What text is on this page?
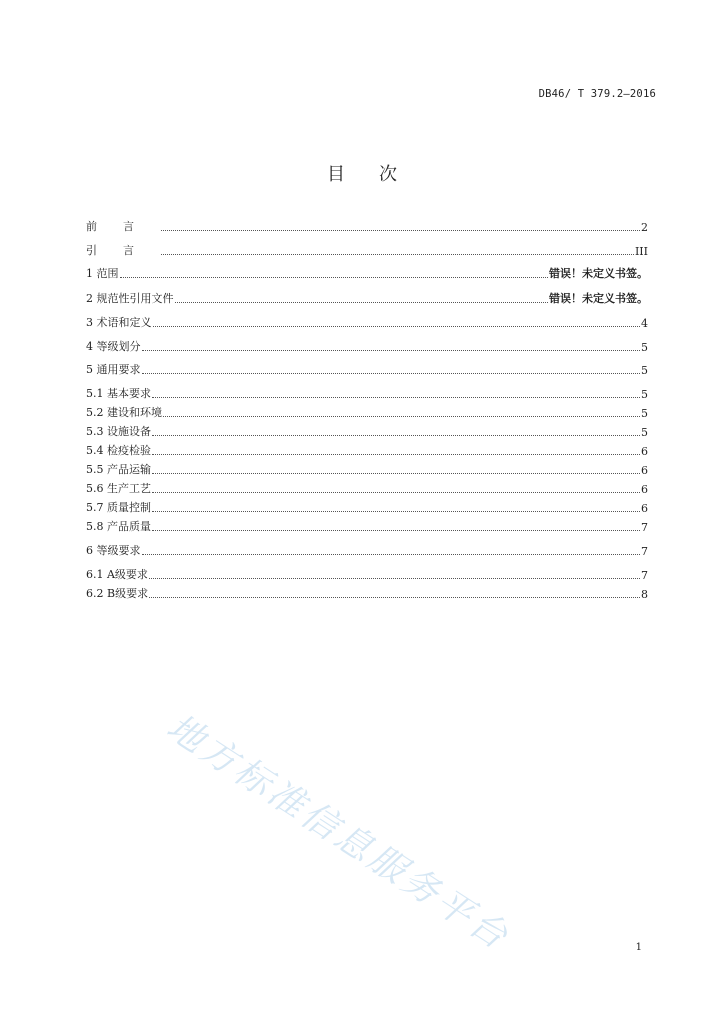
DB46/ T 379.2—2016
目次
前言	2
引言	III
1 范围	错误！未定义书签。
2 规范性引用文件	错误！未定义书签。
3 术语和定义	4
4 等级划分	5
5 通用要求	5
5.1 基本要求	5
5.2 建设和环境	5
5.3 设施设备	5
5.4 检疫检验	6
5.5 产品运输	6
5.6 生产工艺	6
5.7 质量控制	6
5.8 产品质量	7
6 等级要求	7
6.1 A级要求	7
6.2 B级要求	8
地方标准信息服务平台	1
